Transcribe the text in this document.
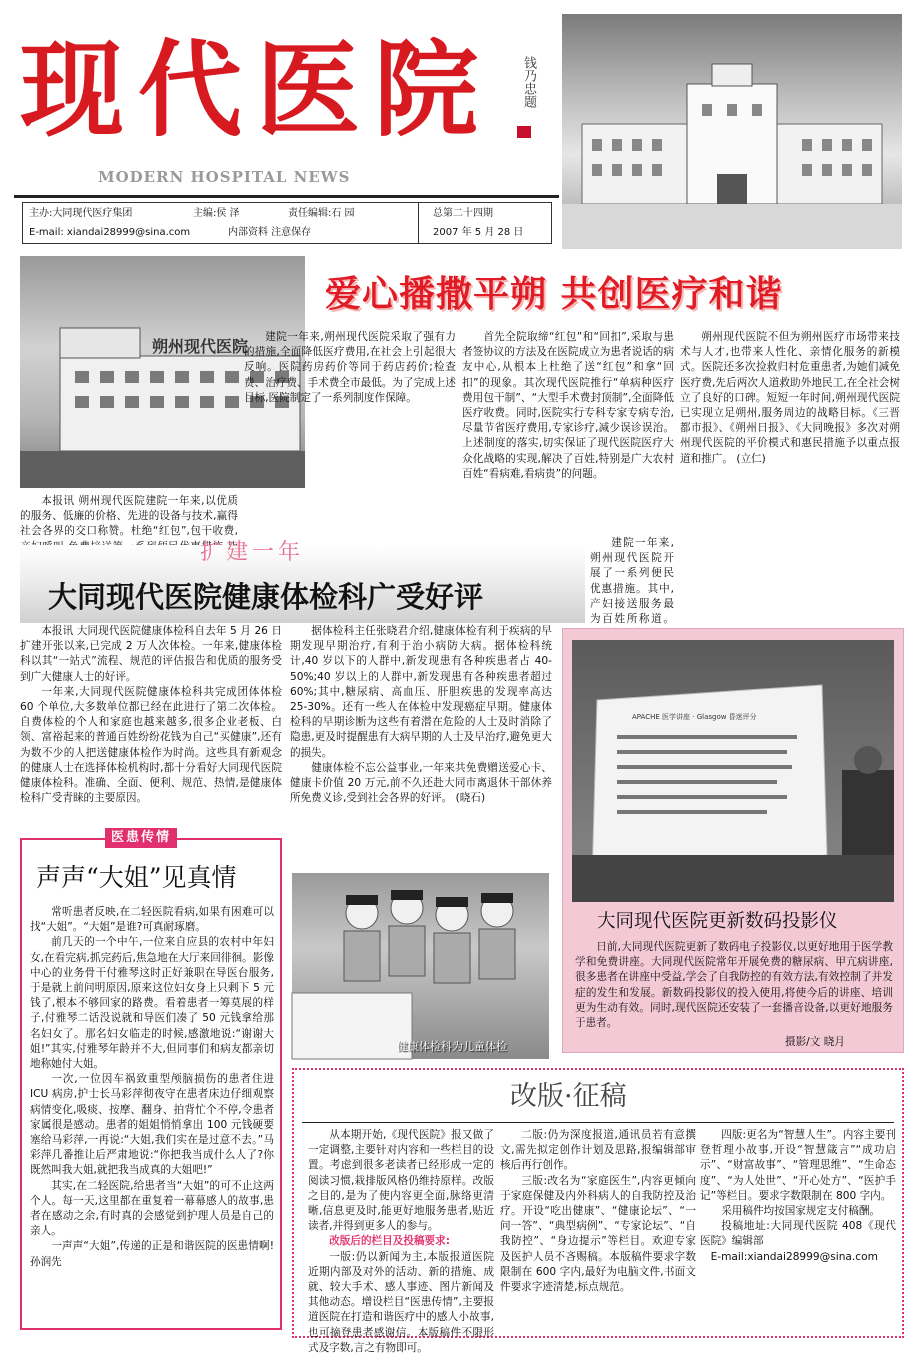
现代医院	钱乃忠题
MODERN HOSPITAL NEWS
主办:大同现代医疗集团	主编:侯 泽	责任编辑:石 园	总第二十四期
E-mail: xiandai28999@sina.com	内部资料 注意保存	2007 年 5 月 28 日
朔州现代医院
爱心播撒平朔 共创医疗和谐

本报讯 朔州现代医院建院一年来,以优质的服务、低廉的价格、先进的设备与技术,赢得社会各界的交口称赞。杜绝“红包”,包干收费,

建院一年来,朔州现代医院采取了强有力的措施,全面降低医疗费用,在社会上引起很大反响。医院药房药价等同于药店药价;检查费、治疗费、手术费全市最低。为了完成上述目标,医院制定了一系列制度作保障。

首先全院取缔“红包”和“回扣”,采取与患者签协议的方法及在医院成立为患者说话的病友中心,从根本上杜绝了送“红包”和拿“回扣”的现象。其次现代医院推行“单病种医疗费用包干制”、“大型手术费封顶制”,全面降低医疗收费。同时,医院实行专科专家专病专治,尽量节省医疗费用,专家诊疗,减少误诊误治。上述制度的落实,切实保证了现代医院医疗大众化战略的实现,解决了百姓,特别是广大农村百姓“看病难,看病贵”的问题。

建院一年来,朔州现代医院开展了一系列便民优惠措施。其中,产妇接送服务最为百姓所称道。

朔州现代医院不但为朔州医疗市场带来技术与人才,也带来人性化、亲情化服务的新模式。医院还多次捡救归村危重患者,为她们减免医疗费,先后两次人道救助外地民工,在全社会树立了良好的口碑。短短一年时间,朔州现代医院已实现立足朔州,服务周边的战略目标。《三晋都市报》、《朔州日报》、《大同晚报》多次对朔州现代医院的平价模式和惠民措施予以重点报道和推广。 (立仁)

扩建一年
大同现代医院健康体检科广受好评

本报讯 大同现代医院健康体检科自去年 5 月 26 日扩建开张以来,已完成 2 万人次体检。一年来,健康体检科以其“一站式”流程、规范的评估报告和优质的服务受到广大健康人士的好评。

一年来,大同现代医院健康体检科共完成团体体检 60 个单位,大多数单位都已经在此进行了第二次体检。自费体检的个人和家庭也越来越多,很多企业老板、白领、富裕起来的普通百姓纷纷花钱为自己“买健康”,还有为数不少的人把送健康体检作为时尚。这些具有新观念的健康人士在选择体检机构时,都十分看好大同现代医院健康体检科。准确、全面、便利、规范、热情,是健康体检科广受青睐的主要原因。

据体检科主任张晓君介绍,健康体检有利于疾病的早期发现早期治疗,有利于治小病防大病。据体检科统计,40 岁以下的人群中,新发现患有各种疾患者占 40-50%;40 岁以上的人群中,新发现患有各种疾患者超过 60%;其中,糖尿病、高血压、肝胆疾患的发现率高达 25-30%。还有一些人在体检中发现癌症早期。健康体检科的早期诊断为这些有着潜在危险的人士及时消除了隐患,更及时提醒患有大病早期的人士及早治疗,避免更大的损失。

健康体检不忘公益事业,一年来共免费赠送爱心卡、健康卡价值 20 万元,前不久还赴大同市离退休干部休养所免费义诊,受到社会各界的好评。 (晓石)

健康体检科为儿童体检
APACHE 医学讲座 · Glasgow 昏迷评分
大同现代医院更新数码投影仪

日前,大同现代医院更新了数码电子投影仪,以更好地用于医学教学和免费讲座。大同现代医院常年开展免费的糖尿病、甲亢病讲座,很多患者在讲座中受益,学会了自我防控的有效方法,有效控制了并发症的发生和发展。新数码投影仪的投入使用,将使今后的讲座、培训更为生动有效。同时,现代医院还安装了一套播音设备,以更好地服务于患者。

摄影/文 晓月
医患传情
声声“大姐”见真情

常听患者反映,在二轻医院看病,如果有困难可以找“大姐”。“大姐”是谁?可真耐琢磨。

前几天的一个中午,一位来自应县的农村中年妇女,在看完病,抓完药后,焦急地在大厅来回徘徊。影像中心的业务骨干付雅琴这时正好兼职在导医台服务,于是就上前问明原因,原来这位妇女身上只剩下 5 元钱了,根本不够回家的路费。看着患者一筹莫展的样子,付雅琴二话没说就和导医们凑了 50 元钱拿给那名妇女了。那名妇女临走的时候,感激地说:“谢谢大姐!”其实,付雅琴年龄并不大,但同事们和病友都亲切地称她付大姐。

一次,一位因车祸致重型颅脑损伤的患者住进 ICU 病房,护士长马彩萍彻夜守在患者床边仔细观察病情变化,吸痰、按摩、翻身、拍背忙个不停,令患者家属很是感动。患者的姐姐悄悄拿出 100 元钱硬要塞给马彩萍,一再说:“大姐,我们实在是过意不去。”马彩萍几番推让后严肃地说:“你把我当成什么人了?你既然叫我大姐,就把我当成真的大姐吧!”

其实,在二轻医院,给患者当“大姐”的可不止这两个人。每一天,这里都在重复着一幕幕感人的故事,患者在感动之余,有时真的会感觉到护理人员是自己的亲人。

一声声“大姐”,传递的正是和谐医院的医患情啊! 孙润先

改版·征稿

从本期开始,《现代医院》报又做了一定调整,主要针对内容和一些栏目的设置。考虑到很多老读者已经形成一定的阅读习惯,栽排版风格仍维持原样。改版之目的,是为了使内容更全面,脉络更清晰,信息更及时,能更好地服务患者,贴近读者,并得到更多人的参与。

改版后的栏目及投稿要求:

一版:仍以新闻为主,本版报道医院近期内部及对外的活动、新的措施、成就、较大手术、感人事迹、图片新闻及其他动态。增设栏目“医患传情”,主要报道医院在打造和谐医疗中的感人小故事,也可摘登患者感谢信。本版稿件不限形式及字数,言之有物即可。

二版:仍为深度报道,通讯员若有意撰文,需先拟定创作计划及思路,报编辑部审核后再行创作。

三版:改名为“家庭医生”,内容更倾向于家庭保健及内外科病人的自我防控及治疗。开设“吃出健康”、“健康论坛”、“一问一答”、“典型病例”、“专家论坛”、“自我防控”、“身边提示”等栏目。欢迎专家及医护人员不吝赐稿。本版稿件要求字数限制在 600 字内,最好为电脑文件,书面文件要求字迹清楚,标点规范。

四版:更名为“智慧人生”。内容主要刊登哲理小故事,开设“智慧箴言”“成功启示”、“财富故事”、“管理思维”、“生命态度”、“为人处世”、“开心处方”、“医护手记”等栏目。要求字数限制在 800 字内。

采用稿件均按国家规定支付稿酬。

投稿地址:大同现代医院 408《现代医院》编辑部

E-mail:xiandai28999@sina.com
